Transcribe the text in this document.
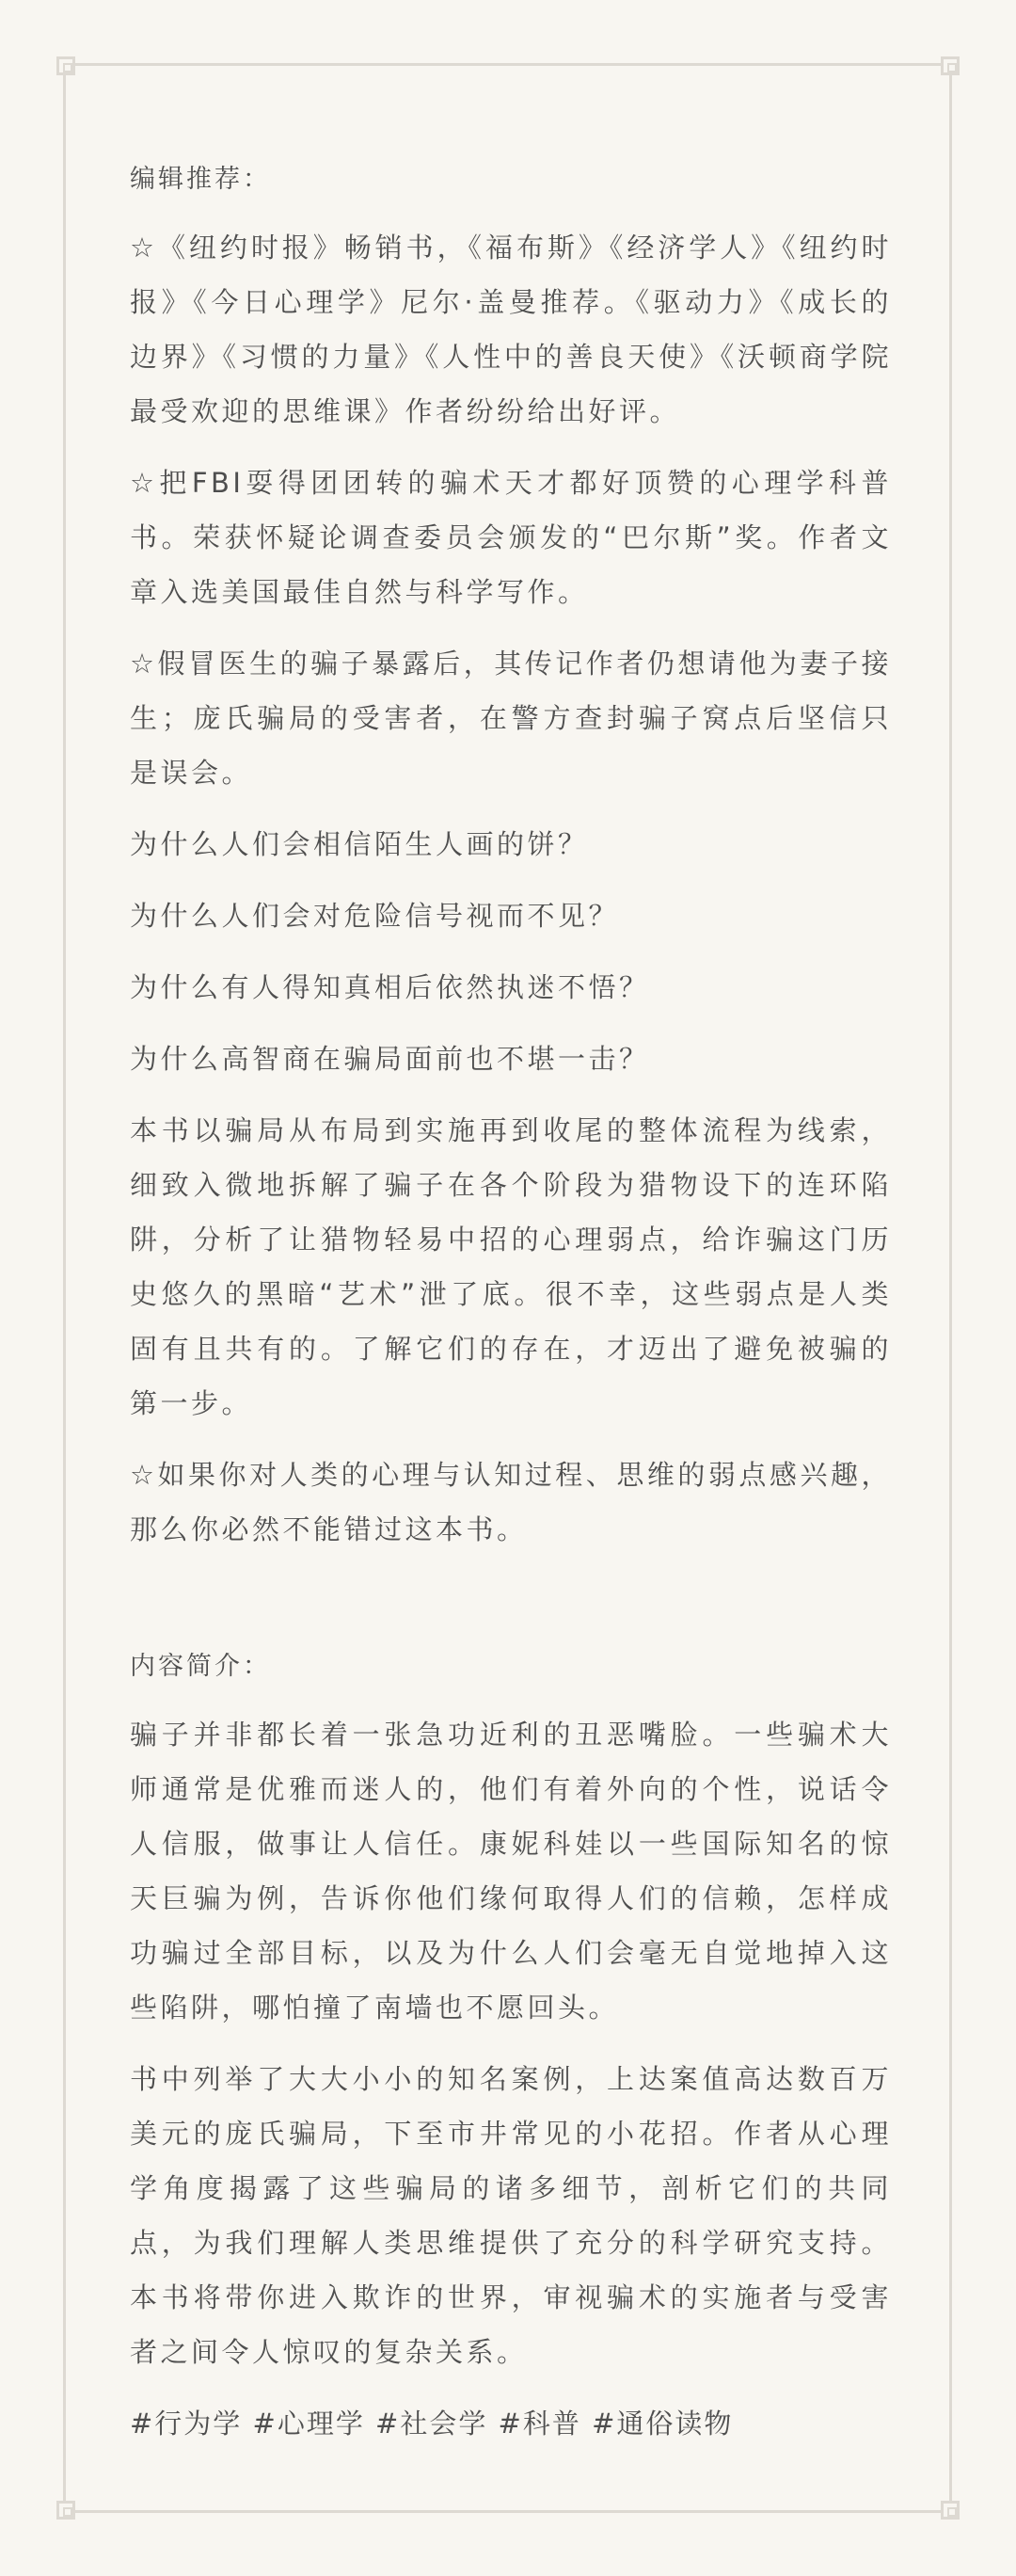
编辑推荐：

☆《纽约时报》畅销书，《福布斯》《经济学人》《纽约时报》《今日心理学》尼尔·盖曼推荐。《驱动力》《成长的边界》《习惯的力量》《人性中的善良天使》《沃顿商学院最受欢迎的思维课》作者纷纷给出好评。

☆把FBI耍得团团转的骗术天才都好顶赞的心理学科普书。荣获怀疑论调查委员会颁发的“巴尔斯”奖。作者文章入选美国最佳自然与科学写作。

☆假冒医生的骗子暴露后，其传记作者仍想请他为妻子接生；庞氏骗局的受害者，在警方查封骗子窝点后坚信只是误会。

为什么人们会相信陌生人画的饼？

为什么人们会对危险信号视而不见？

为什么有人得知真相后依然执迷不悟？

为什么高智商在骗局面前也不堪一击？

本书以骗局从布局到实施再到收尾的整体流程为线索，细致入微地拆解了骗子在各个阶段为猎物设下的连环陷阱，分析了让猎物轻易中招的心理弱点，给诈骗这门历史悠久的黑暗“艺术”泄了底。很不幸，这些弱点是人类固有且共有的。了解它们的存在，才迈出了避免被骗的第一步。

☆如果你对人类的心理与认知过程、思维的弱点感兴趣，那么你必然不能错过这本书。

内容简介：

骗子并非都长着一张急功近利的丑恶嘴脸。一些骗术大师通常是优雅而迷人的，他们有着外向的个性，说话令人信服，做事让人信任。康妮科娃以一些国际知名的惊天巨骗为例，告诉你他们缘何取得人们的信赖，怎样成功骗过全部目标，以及为什么人们会毫无自觉地掉入这些陷阱，哪怕撞了南墙也不愿回头。

书中列举了大大小小的知名案例，上达案值高达数百万美元的庞氏骗局，下至市井常见的小花招。作者从心理学角度揭露了这些骗局的诸多细节，剖析它们的共同点，为我们理解人类思维提供了充分的科学研究支持。本书将带你进入欺诈的世界，审视骗术的实施者与受害者之间令人惊叹的复杂关系。

#行为学 #心理学 #社会学 #科普 #通俗读物
